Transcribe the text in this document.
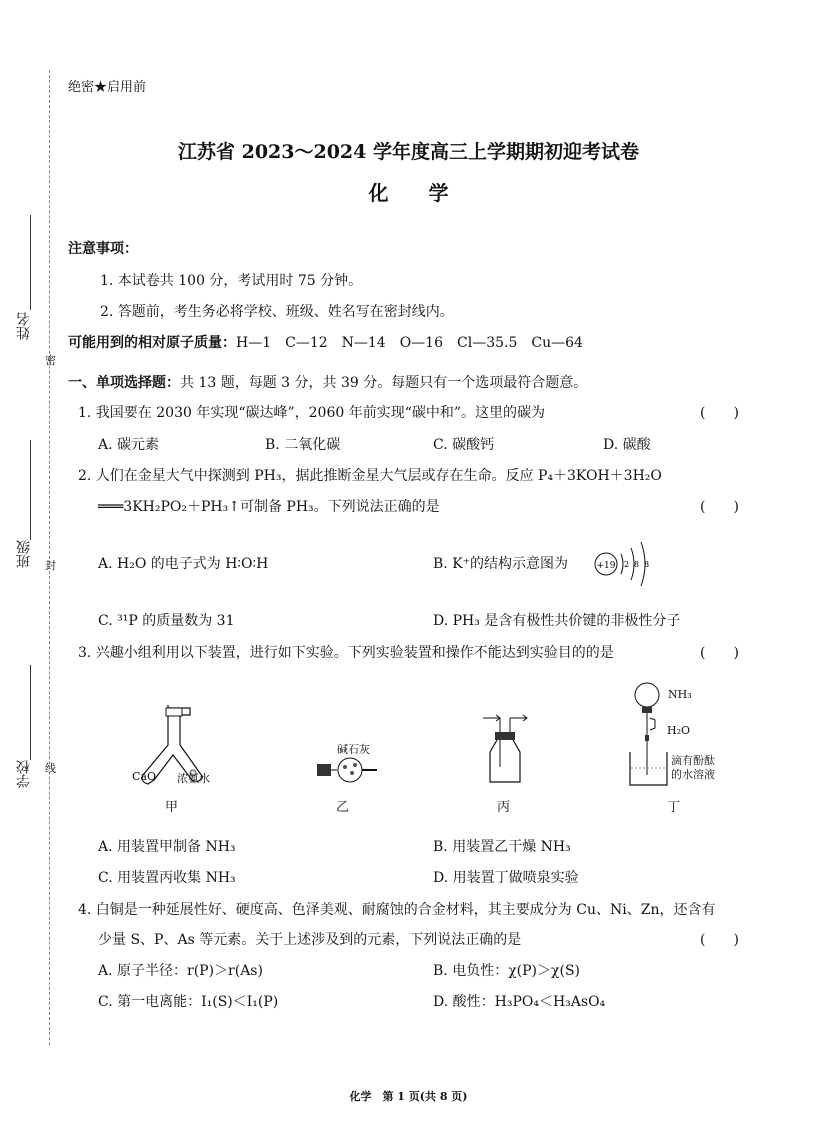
姓名
密
班级 封
学校 线
绝密★启用前
江苏省 2023～2024 学年度高三上学期期初迎考试卷
化学
注意事项：
1. 本试卷共 100 分，考试用时 75 分钟。
2. 答题前，考生务必将学校、班级、姓名写在密封线内。
可能用到的相对原子质量：H—1　C—12　N—14　O—16　Cl—35.5　Cu—64
一、单项选择题：共 13 题，每题 3 分，共 39 分。每题只有一个选项最符合题意。
1. 我国要在 2030 年实现“碳达峰”，2060 年前实现“碳中和”。这里的碳为	(　　)
A. 碳元素	B. 二氧化碳	C. 碳酸钙	D. 碳酸
2. 人们在金星大气中探测到 PH₃，据此推断金星大气层或存在生命。反应 P₄＋3KOH＋3H₂O
═══3KH₂PO₂＋PH₃↑可制备 PH₃。下列说法正确的是	(　　)
A. H₂O 的电子式为 H∶O∶H	B. K⁺的结构示意图为	+19 2 8 8
C. ³¹P 的质量数为 31	D. PH₃ 是含有极性共价键的非极性分子
3. 兴趣小组利用以下装置，进行如下实验。下列实验装置和操作不能达到实验目的的是	(　　)
CaO 浓氨水
甲
碱石灰
乙	丙
NH₃
H₂O
滴有酚酞
的水溶液
丁
A. 用装置甲制备 NH₃	B. 用装置乙干燥 NH₃
C. 用装置丙收集 NH₃	D. 用装置丁做喷泉实验
4. 白铜是一种延展性好、硬度高、色泽美观、耐腐蚀的合金材料，其主要成分为 Cu、Ni、Zn，还含有
少量 S、P、As 等元素。关于上述涉及到的元素，下列说法正确的是	(　　)
A. 原子半径：r(P)＞r(As)	B. 电负性：χ(P)＞χ(S)
C. 第一电离能：I₁(S)＜I₁(P)	D. 酸性：H₃PO₄＜H₃AsO₄
化学　第 1 页(共 8 页)
